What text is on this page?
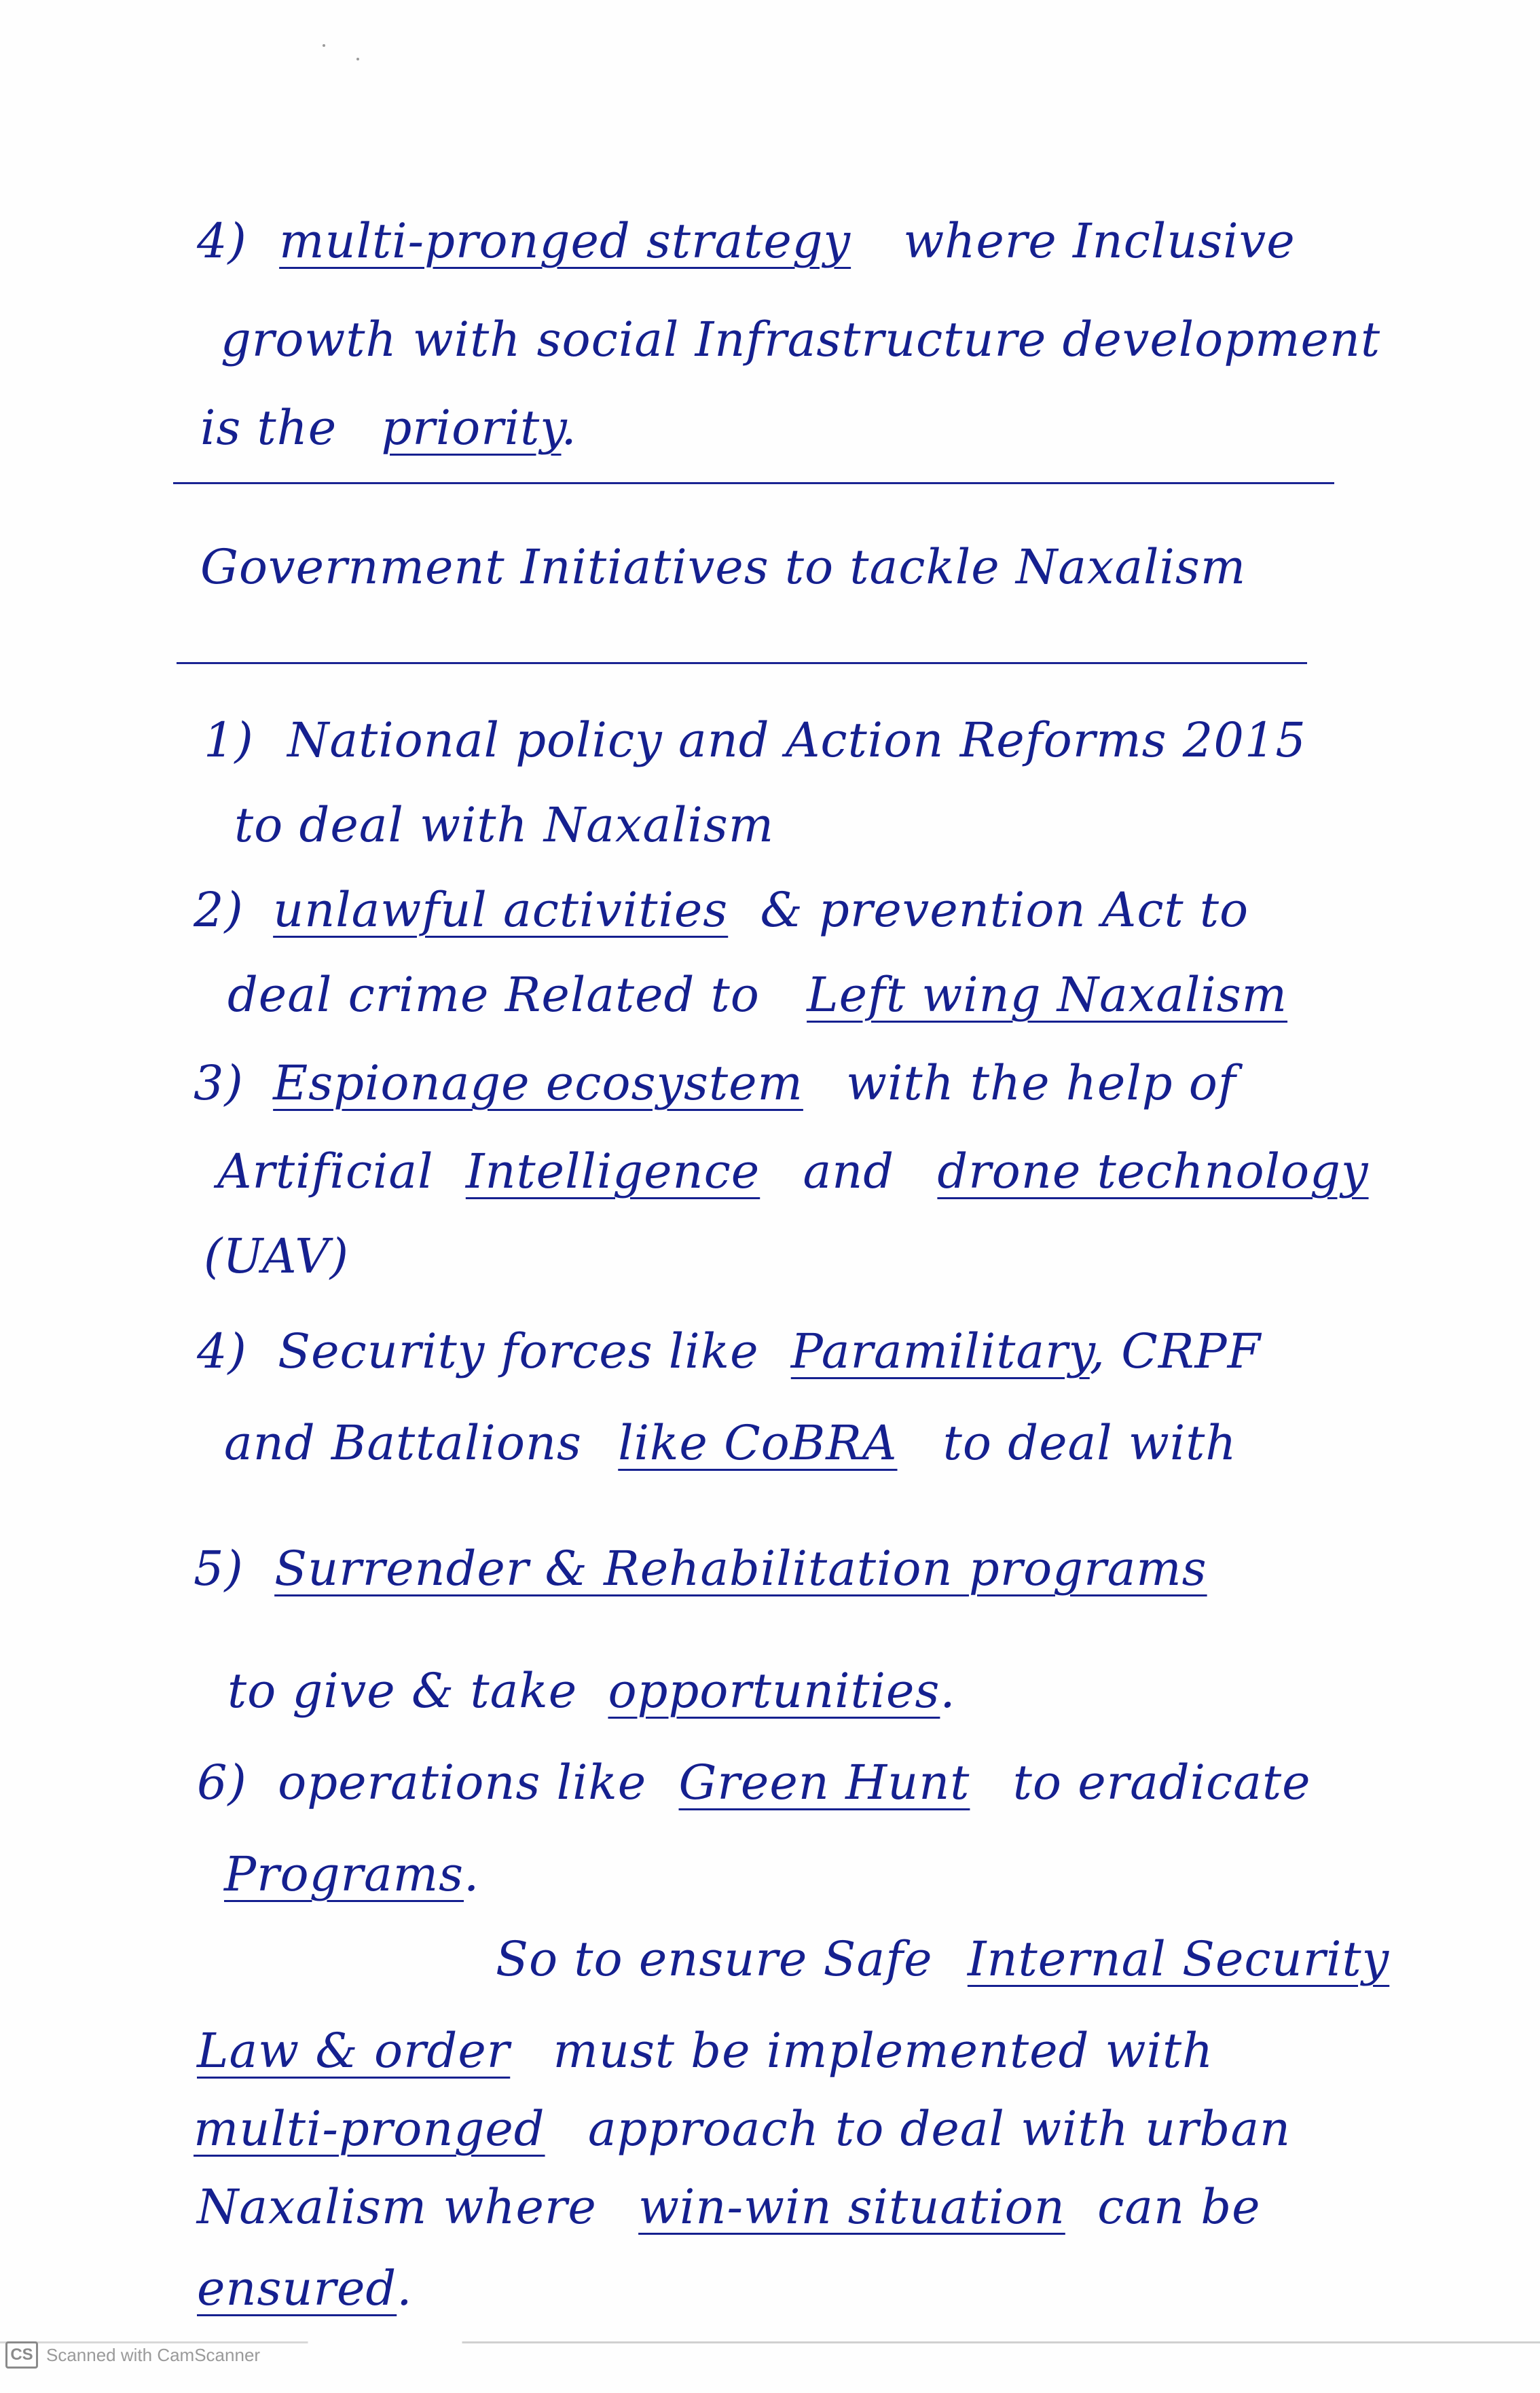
4) multi-pronged strategy where Inclusive
growth with social Infrastructure development
is the priority.
Government Initiatives to tackle Naxalism
1) National policy and Action Reforms 2015
to deal with Naxalism
2) unlawful activities & prevention Act to
deal crime Related to Left wing Naxalism
3) Espionage ecosystem with the help of
Artificial Intelligence and drone technology
(UAV)
4) Security forces like Paramilitary, CRPF
and Battalions like CoBRA to deal with
5) Surrender & Rehabilitation programs
to give & take opportunities.
6) operations like Green Hunt to eradicate
Programs.
So to ensure Safe Internal Security
Law & order must be implemented with
multi-pronged approach to deal with urban
Naxalism where win-win situation can be
ensured.
CS Scanned with CamScanner
